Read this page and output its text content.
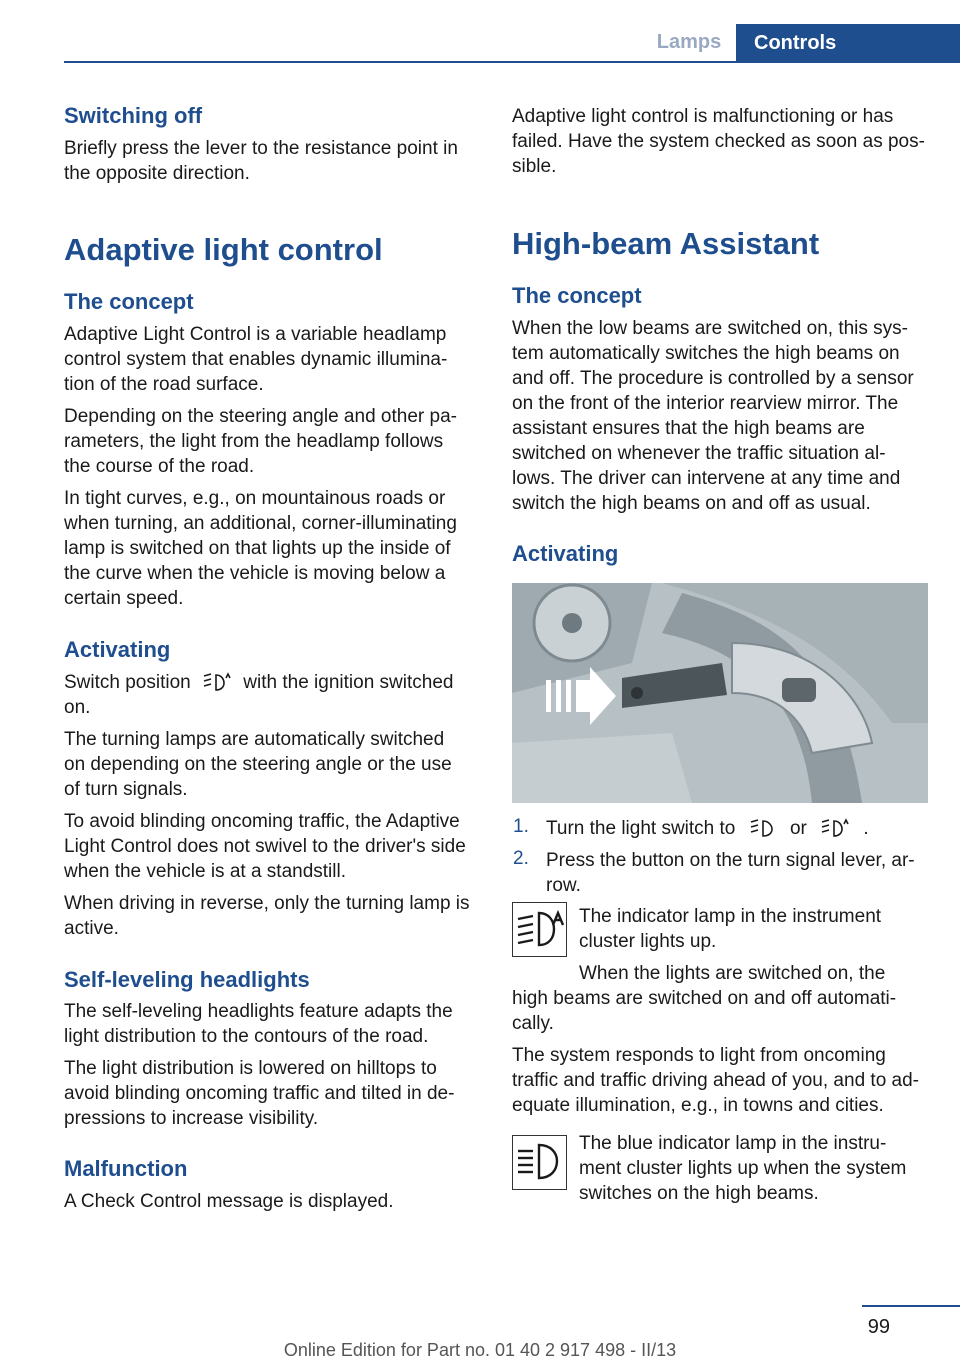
Lamps	Controls
Switching off
Briefly press the lever to the resistance point in
the opposite direction.
Adaptive light control
The concept
Adaptive Light Control is a variable headlamp
control system that enables dynamic illumina‐
tion of the road surface.
Depending on the steering angle and other pa‐
rameters, the light from the headlamp follows
the course of the road.
In tight curves, e.g., on mountainous roads or
when turning, an additional, corner-illuminating
lamp is switched on that lights up the inside of
the curve when the vehicle is moving below a
certain speed.
Activating
Switch position	with the ignition switched
on.
The turning lamps are automatically switched
on depending on the steering angle or the use
of turn signals.
To avoid blinding oncoming traffic, the Adaptive
Light Control does not swivel to the driver's side
when the vehicle is at a standstill.
When driving in reverse, only the turning lamp is
active.
Self-leveling headlights
The self-leveling headlights feature adapts the
light distribution to the contours of the road.
The light distribution is lowered on hilltops to
avoid blinding oncoming traffic and tilted in de‐
pressions to increase visibility.
Malfunction
A Check Control message is displayed.
Adaptive light control is malfunctioning or has
failed. Have the system checked as soon as pos‐
sible.
High-beam Assistant
The concept
When the low beams are switched on, this sys‐
tem automatically switches the high beams on
and off. The procedure is controlled by a sensor
on the front of the interior rearview mirror. The
assistant ensures that the high beams are
switched on whenever the traffic situation al‐
lows. The driver can intervene at any time and
switch the high beams on and off as usual.
Activating
1. Turn the light switch to	or	.
2. Press the button on the turn signal lever, ar‐
row.
The indicator lamp in the instrument
cluster lights up.
When the lights are switched on, the
high beams are switched on and off automati‐
cally.
The system responds to light from oncoming
traffic and traffic driving ahead of you, and to ad‐
equate illumination, e.g., in towns and cities.
The blue indicator lamp in the instru‐
ment cluster lights up when the system
switches on the high beams.
99
Online Edition for Part no. 01 40 2 917 498 - II/13
